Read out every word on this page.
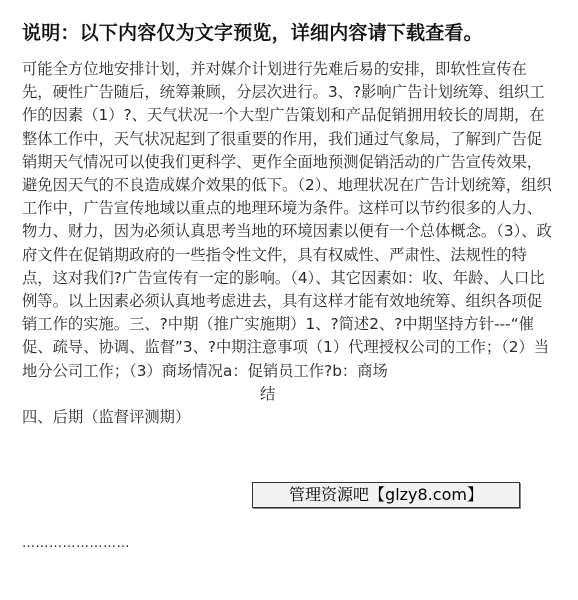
说明：以下内容仅为文字预览，详细内容请下载查看。

可能全方位地安排计划，并对媒介计划进行先难后易的安排，即软性宣传在先，硬性广告随后，统筹兼顾，分层次进行。3、?影响广告计划统筹、组织工作的因素（1）?、天气状况一个大型广告策划和产品促销拥用较长的周期，在整体工作中，天气状况起到了很重要的作用，我们通过气象局，了解到广告促销期天气情况可以使我们更科学、更作全面地预测促销活动的广告宣传效果，避免因天气的不良造成媒介效果的低下。（2）、地理状况在广告计划统筹，组织工作中，广告宣传地域以重点的地理环境为条件。这样可以节约很多的人力、物力、财力，因为必须认真思考当地的环境因素以便有一个总体概念。（3）、政府文件在促销期政府的一些指令性文件，具有权威性、严肃性、法规性的特点，这对我们?广告宣传有一定的影响。（4）、其它因素如：收、年龄、人口比例等。以上因素必须认真地考虑进去，具有这样才能有效地统筹、组织各项促销工作的实施。三、?中期（推广实施期）1、?简述2、?中期坚持方针---“催促、疏导、协调、监督”3、?中期注意事项（1）代理授权公司的工作；（2）当地分公司工作；（3）商场情况a：促销员工作?b：商场结

四、后期（监督评测期）

……………………
管理资源吧【glzy8.com】
